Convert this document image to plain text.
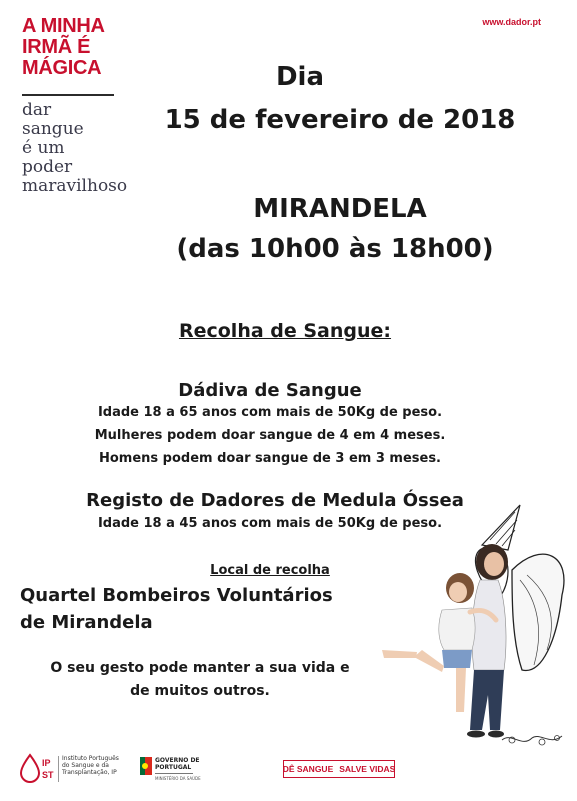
A MINHA
IRMÃ É
MÁGICA
dar
sangue
é um
poder
maravilhoso
www.dador.pt
Dia
15 de fevereiro de 2018
MIRANDELA
(das 10h00 às 18h00)
Recolha de Sangue:
Dádiva de Sangue
Idade 18 a 65 anos com mais de 50Kg de peso.
Mulheres podem doar sangue de 4 em 4 meses.
Homens podem doar sangue de 3 em 3 meses.
Registo de Dadores de Medula Óssea
Idade 18 a 45 anos com mais de 50Kg de peso.
Local de recolha
Quartel Bombeiros Voluntários
de Mirandela
O seu gesto pode manter a sua vida e
de muitos outros.
IP
ST
Instituto Português
do Sangue e da
Transplantação, IP
GOVERNO DE
PORTUGAL
MINISTÉRIO DA SAÚDE
DÊ SANGUE SALVE VIDAS
